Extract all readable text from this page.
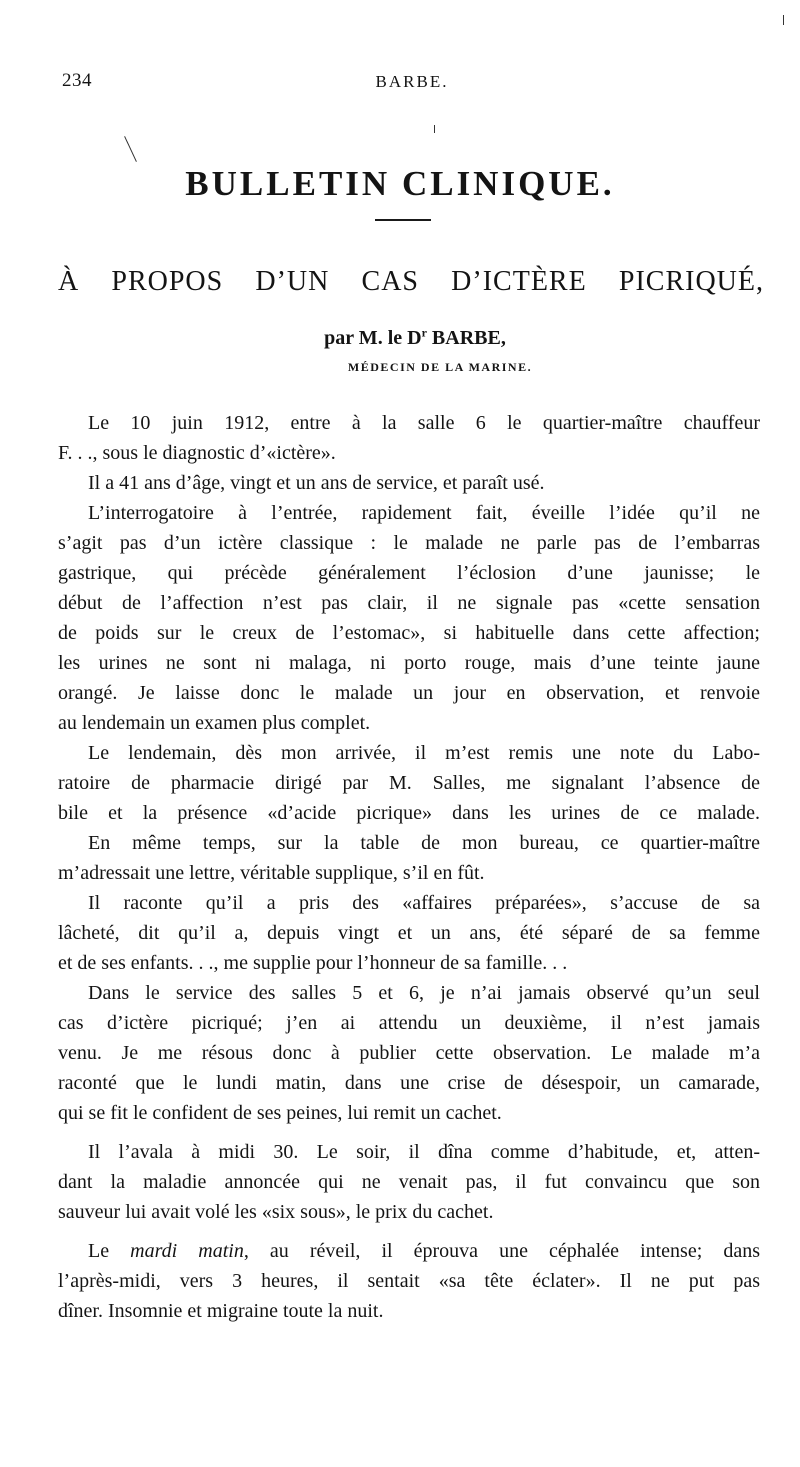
234	BARBE.
BULLETIN CLINIQUE.
À PROPOS D’UN CAS D’ICTÈRE PICRIQUÉ,
par M. le $D^r$ BARBE,
MÉDECIN DE LA MARINE.
Le 10 juin 1912, entre à la salle 6 le quartier-maître chauffeur
F. . ., sous le diagnostic d’«ictère».
Il a 41 ans d’âge, vingt et un ans de service, et paraît usé.
L’interrogatoire à l’entrée, rapidement fait, éveille l’idée qu’il ne
s’agit pas d’un ictère classique : le malade ne parle pas de l’embarras
gastrique, qui précède généralement l’éclosion d’une jaunisse; le
début de l’affection n’est pas clair, il ne signale pas «cette sensation
de poids sur le creux de l’estomac», si habituelle dans cette affection;
les urines ne sont ni malaga, ni porto rouge, mais d’une teinte jaune
orangé. Je laisse donc le malade un jour en observation, et renvoie
au lendemain un examen plus complet.
Le lendemain, dès mon arrivée, il m’est remis une note du Labo-
ratoire de pharmacie dirigé par M. Salles, me signalant l’absence de
bile et la présence «d’acide picrique» dans les urines de ce malade.
En même temps, sur la table de mon bureau, ce quartier-maître
m’adressait une lettre, véritable supplique, s’il en fût.
Il raconte qu’il a pris des «affaires préparées», s’accuse de sa
lâcheté, dit qu’il a, depuis vingt et un ans, été séparé de sa femme
et de ses enfants. . ., me supplie pour l’honneur de sa famille. . .
Dans le service des salles 5 et 6, je n’ai jamais observé qu’un seul
cas d’ictère picriqué; j’en ai attendu un deuxième, il n’est jamais
venu. Je me résous donc à publier cette observation. Le malade m’a
raconté que le lundi matin, dans une crise de désespoir, un camarade,
qui se fit le confident de ses peines, lui remit un cachet.
Il l’avala à midi 30. Le soir, il dîna comme d’habitude, et, atten-
dant la maladie annoncée qui ne venait pas, il fut convaincu que son
sauveur lui avait volé les «six sous», le prix du cachet.
Le mardi matin, au réveil, il éprouva une céphalée intense; dans
l’après-midi, vers 3 heures, il sentait «sa tête éclater». Il ne put pas
dîner. Insomnie et migraine toute la nuit.
